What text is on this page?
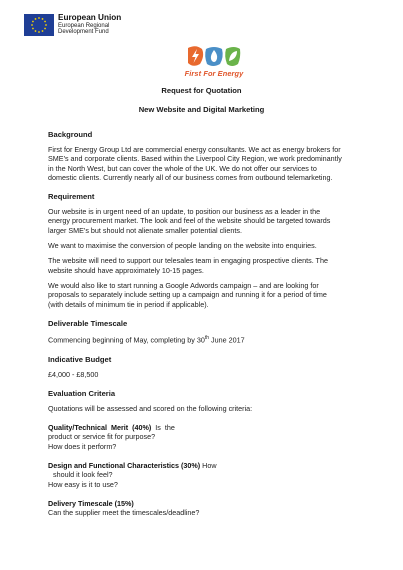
European Union
European Regional
Development Fund
First For Energy
Request for Quotation
New Website and Digital Marketing

Background

First for Energy Group Ltd are commercial energy consultants. We act as energy brokers for

SME's and corporate clients. Based within the Liverpool City Region, we work predominantly

in the North West, but can cover the whole of the UK. We do not offer our services to

domestic clients. Currently nearly all of our business comes from outbound telemarketing.

Requirement

Our website is in urgent need of an update, to position our business as a leader in the

energy procurement market. The look and feel of the website should be targeted towards

larger SME's but should not alienate smaller potential clients.

We want to maximise the conversion of people landing on the website into enquiries.

The website will need to support our telesales team in engaging prospective clients. The

website should have approximately 10-15 pages.

We would also like to start running a Google Adwords campaign – and are looking for

proposals to separately include setting up a campaign and running it for a period of time

(with details of minimum tie in period if applicable).

Deliverable Timescale

Commencing beginning of May, completing by 30th June 2017

Indicative Budget

£4,000 - £8,500

Evaluation Criteria

Quotations will be assessed and scored on the following criteria:

Quality/Technical  Merit  (40%)  Is  the

product or service fit for purpose?

How does it perform?

Design and Functional Characteristics (30%) How

should it look feel?

How easy is it to use?

Delivery Timescale (15%)

Can the supplier meet the timescales/deadline?
